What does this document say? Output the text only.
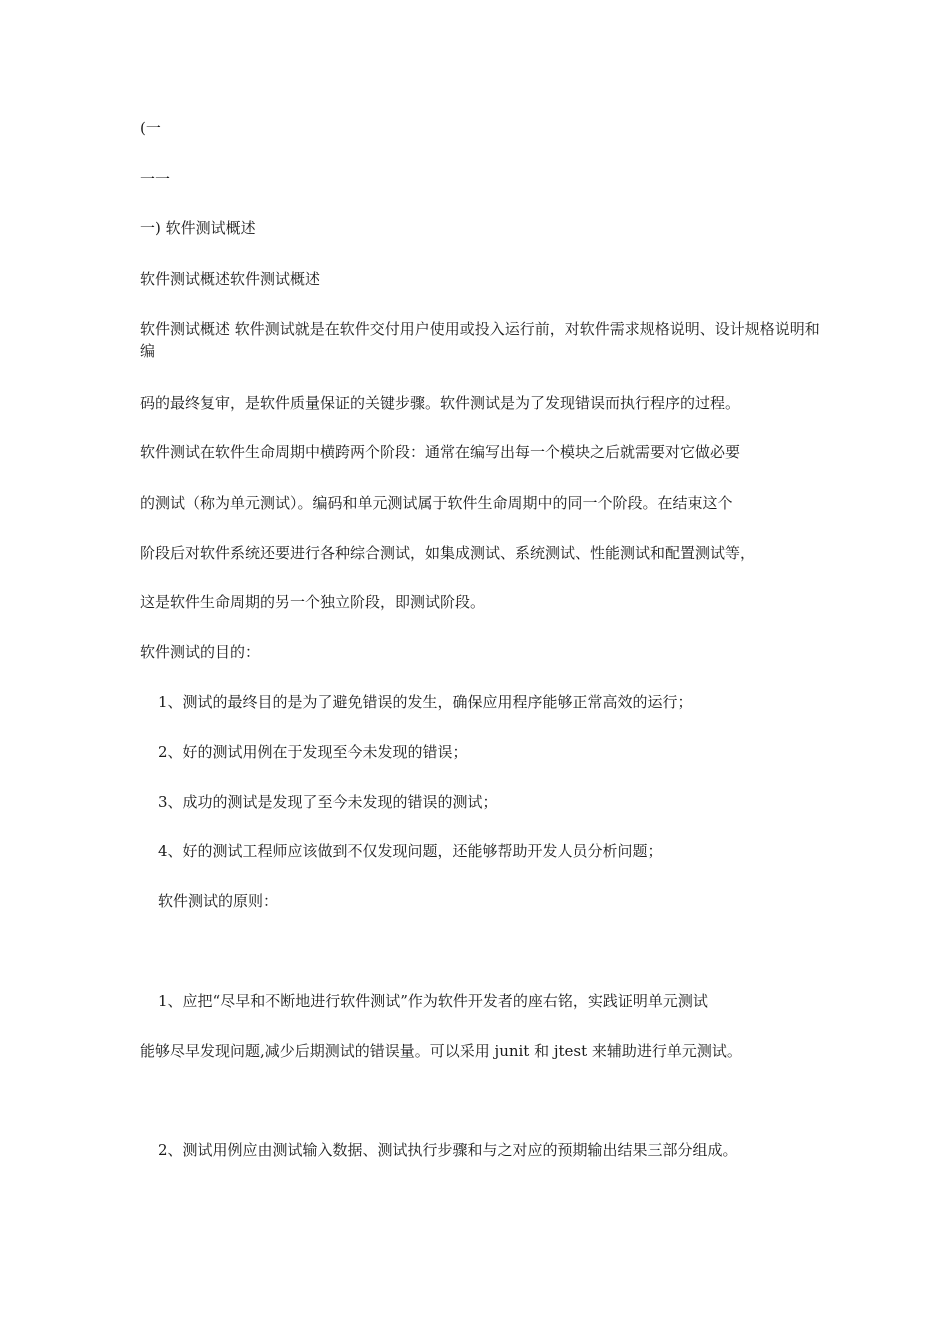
(一
一一
一) 软件测试概述
软件测试概述软件测试概述
软件测试概述 软件测试就是在软件交付用户使用或投入运行前，对软件需求规格说明、设计规格说明和编
码的最终复审，是软件质量保证的关键步骤。软件测试是为了发现错误而执行程序的过程。
软件测试在软件生命周期中横跨两个阶段：通常在编写出每一个模块之后就需要对它做必要
的测试（称为单元测试）。编码和单元测试属于软件生命周期中的同一个阶段。在结束这个
阶段后对软件系统还要进行各种综合测试，如集成测试、系统测试、性能测试和配置测试等，
这是软件生命周期的另一个独立阶段，即测试阶段。
软件测试的目的：
1、测试的最终目的是为了避免错误的发生，确保应用程序能够正常高效的运行；
2、好的测试用例在于发现至今未发现的错误；
3、成功的测试是发现了至今未发现的错误的测试；
4、好的测试工程师应该做到不仅发现问题，还能够帮助开发人员分析问题；
软件测试的原则：
1、应把“尽早和不断地进行软件测试”作为软件开发者的座右铭，实践证明单元测试
能够尽早发现问题,减少后期测试的错误量。可以采用 junit 和 jtest 来辅助进行单元测试。
2、测试用例应由测试输入数据、测试执行步骤和与之对应的预期输出结果三部分组成。
